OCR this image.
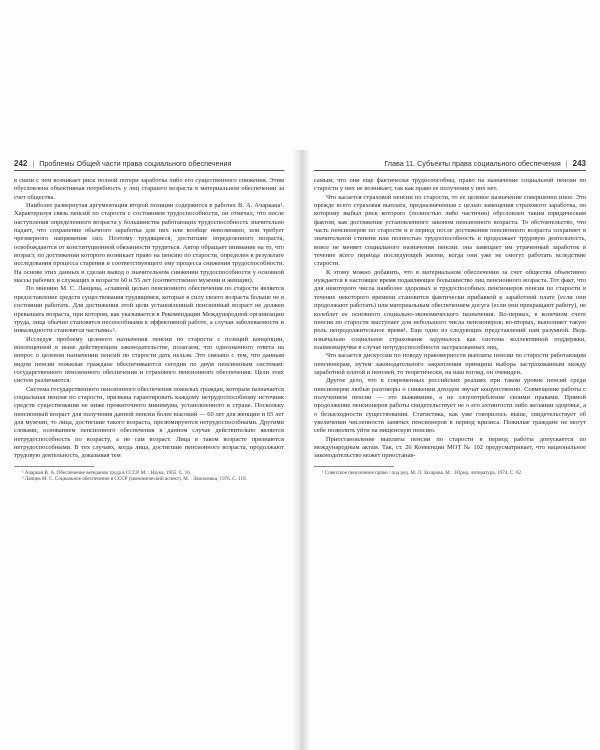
242 | Проблемы Общей части права социального обеспечения

в связи с чем возникает риск полной потери заработка либо его существенного снижения. Этим обусловлена объективная потребность у лиц старшего возраста в материальном обеспечении за счет общества.

Наиболее развернутая аргументация второй позиции содержится в работах В. А. Ачаркана¹. Характеризуя связь пенсий по старости с состоянием трудоспособности, он отмечал, что после наступления определенного возраста у большинства работающих трудоспособность значительно падает, что сохранение обычного заработка для них или вообще невозможно, или требует чрезмерного напряжения сил. Поэтому трудящиеся, достигшие определенного возраста, освобождаются от конституционной обязанности трудиться. Автор обращает внимание на то, что возраст, по достижении которого возникает право на пенсию по старости, определен в результате исследования процесса старения и соответствующего ему процесса снижения трудоспособности. На основе этих данных и сделан вывод о значительном снижении трудоспособности у основной массы рабочих и служащих в возрасте 60 и 55 лет (соответственно мужчин и женщин).

По мнению М. С. Ланцева, «главной целью пенсионного обеспечения по старости является предоставление средств существования трудящимся, которые в силу своего возраста больше не в состоянии работать. Для достижения этой цели установленный пенсионный возраст не должен превышать возраста, при котором, как указывается в Рекомендации Международной организации труда, лица обычно становятся неспособными к эффективной работе, а случаи заболеваемости и инвалидности становятся частыми»².

Исследуя проблему целевого назначения пенсии по старости с позиций концепции, воплощенной в ныне действующем законодательстве, полагаем, что однозначного ответа на вопрос о целевом назначении пенсий по старости дать нельзя. Это связано с тем, что данным видом пенсии пожилые граждане обеспечиваются сегодня по двум пенсионным системам: государственного пенсионного обеспечения и страхового пенсионного обеспечения. Цели этих систем различаются.

Система государственного пенсионного обеспечения пожилых граждан, которым назначается социальная пенсия по старости, призвана гарантировать каждому нетрудоспособному источник средств существования не ниже прожиточного минимума, установленного в стране. Поскольку пенсионный возраст для получения данной пенсии более высокий — 60 лет для женщин и 65 лет для мужчин, то лица, достигшие такого возраста, презюмируются нетрудоспособными. Другими словами, основанием пенсионного обеспечения в данном случае действительно является нетрудоспособность по возрасту, а не сам возраст. Лица в таком возрасте признаются нетрудоспособными. В тех случаях, когда лица, достигшие пенсионного возраста, продолжают трудовую деятельность, доказывая тем

¹ Ачаркан В. А. Обеспечение ветеранов труда в СССР. М. : Наука, 1965. С. 16.

² Ланцев М. С. Социальное обеспечение в СССР (экономический аспект). М. : Экономика, 1976. С. 118.

Глава 11. Субъекты права социального обеспечения | 243

самым, что они еще фактически трудоспособны, право на назначение социальной пенсии по старости у них не возникает, так как право ее получения у них нет.

Что касается страховой пенсии по старости, то ее целевое назначение совершенно иное. Это прежде всего страховая выплата, предназначенная с целью замещения страхового заработка, по которому выбыл риск которого (полностью либо частично) обусловлен таким юридическим фактом, как достижение установленного законом пенсионного возраста. То обстоятельство, что часть пенсионеров по старости и в период после достижения пенсионного возраста сохраняет в значительной степени или полностью трудоспособность и продолжает трудовую деятельность, вовсе не меняет социального назначения пенсии: она замещает им утраченный заработок в течение всего периода последующей жизни, когда они уже не смогут работать вследствие старости.

К этому можно добавить, что в материальном обеспечении за счет общества объективно нуждается в настоящее время подавляющее большинство лиц пенсионного возраста. Тот факт, что для некоторого числа наиболее здоровых и трудоспособных пенсионеров пенсия по старости в течение некоторого времени становится фактически прибавкой к заработной плате (если они продолжают работать) или материальным обеспечением досуга (если они прекращают работу), не колеблет ее основного социально-экономического назначения. Во-первых, в конечном счете пенсия по старости выступает для небольшого числа пенсионеров; во-вторых, выполняет такую роль непродолжительное время¹. Еще одно из следующих представлений нам разумной. Ведь изначально социальное страхование задумалось как система коллективной поддержки, взаимовыручки в случае нетрудоспособности застрахованных лиц.

Что касается дискуссии по поводу правомерности выплаты пенсии по старости работающим пенсионерам, путем законодательного закрепления принципа выбора застрахованным между заработной платой и пенсией, то теоретически, на наш взгляд, он очевиден.

Другое дело, что в современных российских реалиях при таком уровне пенсий среди пенсионеров любые разговоры о снижении доходов звучат кощунственно. Совмещение работы с получением пенсии — это выживание, а не злоупотребление своими правами. Прямой продолжение пенсионеров работы свидетельствует не о его ахтингости либо желании здоровье, а о безысходности существования. Статистика, как уже говорилось выше, свидетельствует об увеличении численности занятых пенсионеров в период кризиса. Пожилые граждане не могут себе позволить уйти на нищенскую пенсию.

Приостановление выплаты пенсии по старости в период работы допускается по международным актам. Так, ст. 26 Конвенции МОТ № 102 предусматривает, что национальное законодательство может приостанав-

¹ Советское пенсионное право / под ред. М. Л. Захарова. М. : Юрид. литература, 1974. С. 62.
